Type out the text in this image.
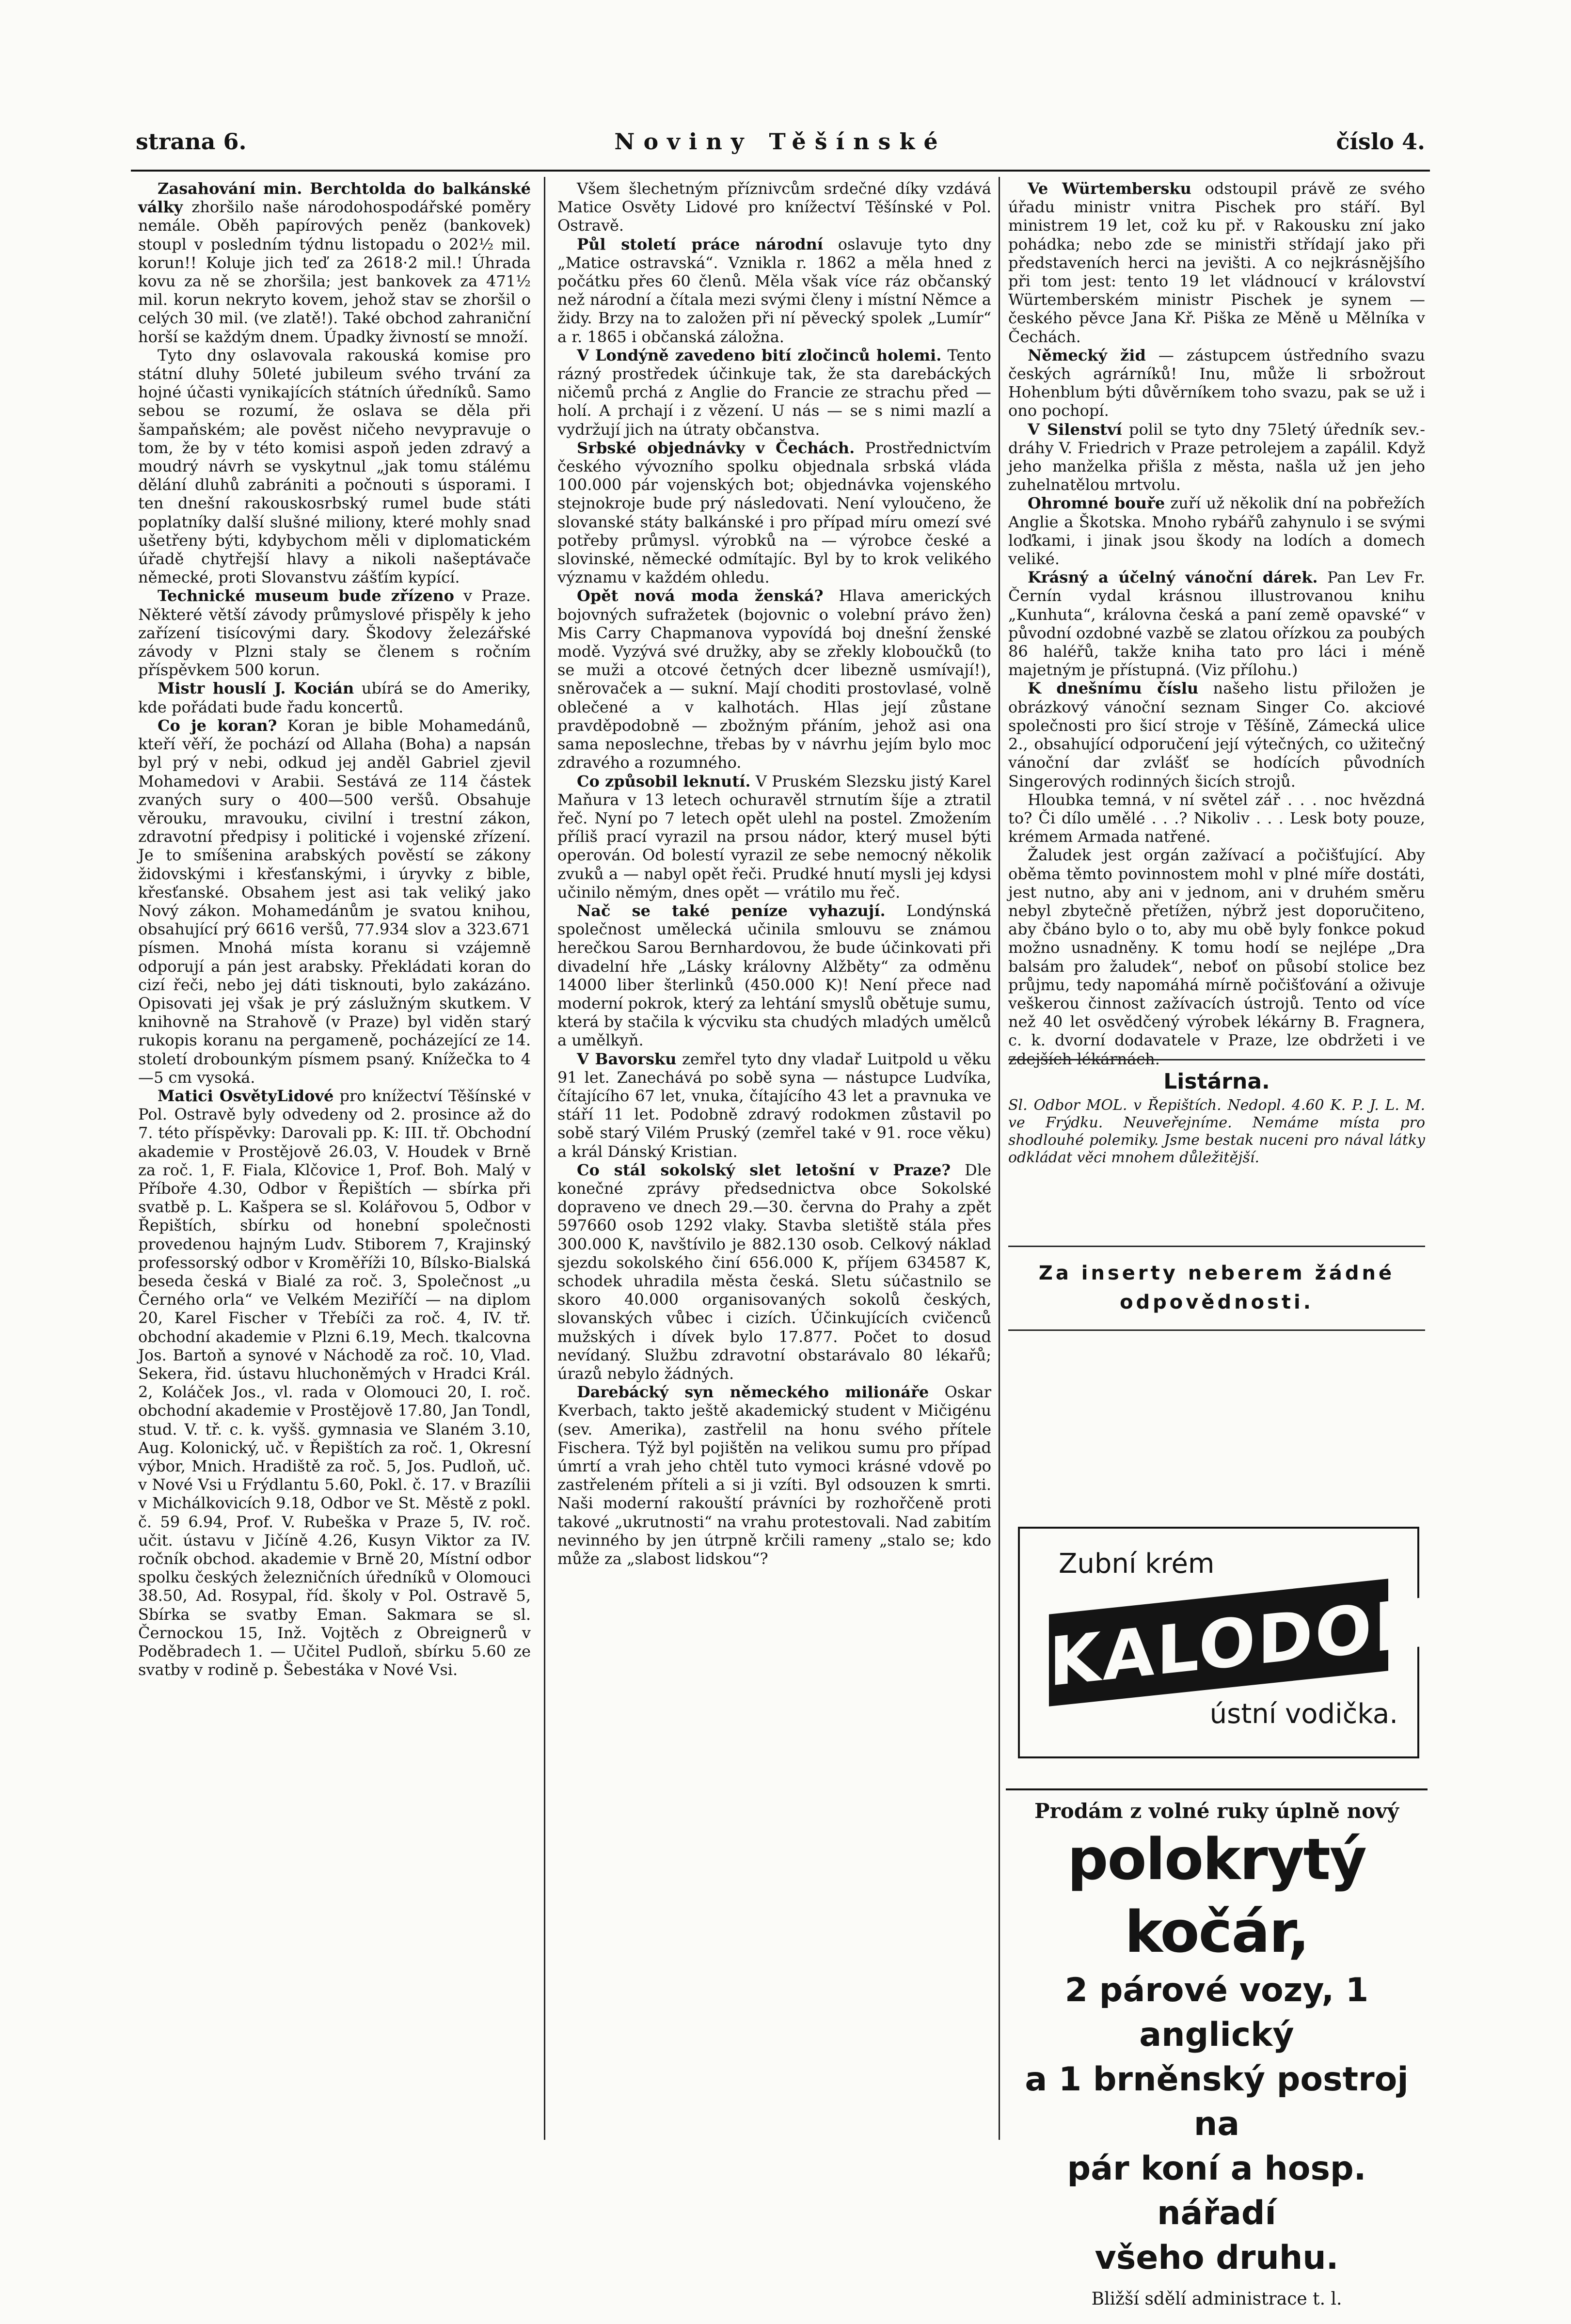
strana 6.	Noviny Těšínské	číslo 4.

Zasahování min. Berchtolda do balkánské války zhoršilo naše národohospodářské poměry nemále. Oběh papírových peněz (bankovek) stoupl v posledním týdnu listopadu o 202½ mil. korun!! Koluje jich teď za 2618·2 mil.! Úhrada kovu za ně se zhoršila; jest bankovek za 471½ mil. korun nekryto kovem, jehož stav se zhoršil o celých 30 mil. (ve zlatě!). Také obchod zahraniční horší se každým dnem. Úpadky živností se množí.

Tyto dny oslavovala rakouská komise pro státní dluhy 50leté jubileum svého trvání za hojné účasti vynikajících státních úředníků. Samo sebou se rozumí, že oslava se děla při šampaňském; ale pověst ničeho nevypravuje o tom, že by v této komisi aspoň jeden zdravý a moudrý návrh se vyskytnul „jak tomu stálému dělání dluhů zabrániti a počnouti s úsporami. I ten dnešní rakouskosrbský rumel bude státi poplatníky další slušné miliony, které mohly snad ušetřeny býti, kdybychom měli v diplomatickém úřadě chytřejší hlavy a nikoli našeptávače německé, proti Slovanstvu zášťím kypící.

Technické museum bude zřízeno v Praze. Některé větší závody průmyslové přispěly k jeho zařízení tisícovými dary. Škodovy železářské závody v Plzni staly se členem s ročním příspěvkem 500 korun.

Mistr houslí J. Kocián ubírá se do Ameriky, kde pořádati bude řadu koncertů.

Co je koran? Koran je bible Mohamedánů, kteří věří, že pochází od Allaha (Boha) a napsán byl prý v nebi, odkud jej anděl Gabriel zjevil Mohamedovi v Arabii. Sestává ze 114 částek zvaných sury o 400—500 veršů. Obsahuje věrouku, mravouku, civilní i trestní zákon, zdravotní předpisy i politické i vojenské zřízení. Je to smíšenina arabských pověstí se zákony židovskými i křesťanskými, i úryvky z bible, křesťanské. Obsahem jest asi tak veliký jako Nový zákon. Mohamedánům je svatou knihou, obsahující prý 6616 veršů, 77.934 slov a 323.671 písmen. Mnohá místa koranu si vzájemně odporují a pán jest arabsky. Překládati koran do cizí řeči, nebo jej dáti tisknouti, bylo zakázáno. Opisovati jej však je prý záslužným skutkem. V knihovně na Strahově (v Praze) byl viděn starý rukopis koranu na pergameně, pocházející ze 14. století drobounkým písmem psaný. Knížečka to 4—5 cm vysoká.

Matici OsvětyLidové pro knížectví Těšínské v Pol. Ostravě byly odvedeny od 2. prosince až do 7. této příspěvky: Darovali pp. K: III. tř. Obchodní akademie v Prostějově 26.03, V. Houdek v Brně za roč. 1, F. Fiala, Klčovice 1, Prof. Boh. Malý v Příboře 4.30, Odbor v Řepištích — sbírka při svatbě p. L. Kašpera se sl. Kolářovou 5, Odbor v Řepištích, sbírku od honební společnosti provedenou hajným Ludv. Stiborem 7, Krajinský professorský odbor v Kroměříži 10, Bílsko-Bialská beseda česká v Bialé za roč. 3, Společnost „u Černého orla“ ve Velkém Meziříčí — na diplom 20, Karel Fischer v Třebíči za roč. 4, IV. tř. obchodní akademie v Plzni 6.19, Mech. tkalcovna Jos. Bartoň a synové v Náchodě za roč. 10, Vlad. Sekera, řid. ústavu hluchoněmých v Hradci Král. 2, Koláček Jos., vl. rada v Olomouci 20, I. roč. obchodní akademie v Prostějově 17.80, Jan Tondl, stud. V. tř. c. k. vyšš. gymnasia ve Slaném 3.10, Aug. Kolonický, uč. v Řepištích za roč. 1, Okresní výbor, Mnich. Hradiště za roč. 5, Jos. Pudloň, uč. v Nové Vsi u Frýdlantu 5.60, Pokl. č. 17. v Brazílii v Michálkovicích 9.18, Odbor ve St. Městě z pokl. č. 59 6.94, Prof. V. Rubeška v Praze 5, IV. roč. učit. ústavu v Jičíně 4.26, Kusyn Viktor za IV. ročník obchod. akademie v Brně 20, Místní odbor spolku českých železničních úředníků v Olomouci 38.50, Ad. Rosypal, říd. školy v Pol. Ostravě 5, Sbírka se svatby Eman. Sakmara se sl. Černockou 15, Inž. Vojtěch z Obreignerů v Poděbradech 1. — Učitel Pudloň, sbírku 5.60 ze svatby v rodině p. Šebestáka v Nové Vsi.

Všem šlechetným příznivcům srdečné díky vzdává Matice Osvěty Lidové pro knížectví Těšínské v Pol. Ostravě.

Půl století práce národní oslavuje tyto dny „Matice ostravská“. Vznikla r. 1862 a měla hned z počátku přes 60 členů. Měla však více ráz občanský než národní a čítala mezi svými členy i místní Němce a židy. Brzy na to založen při ní pěvecký spolek „Lumír“ a r. 1865 i občanská záložna.

V Londýně zavedeno bití zločinců holemi. Tento rázný prostředek účinkuje tak, že sta darebáckých ničemů prchá z Anglie do Francie ze strachu před — holí. A prchají i z vězení. U nás — se s nimi mazlí a vydržují jich na útraty občanstva.

Srbské objednávky v Čechách. Prostřednictvím českého vývozního spolku objednala srbská vláda 100.000 pár vojenských bot; objednávka vojenského stejnokroje bude prý následovati. Není vyloučeno, že slovanské státy balkánské i pro případ míru omezí své potřeby průmysl. výrobků na — výrobce české a slovinské, německé odmítajíc. Byl by to krok velikého významu v každém ohledu.

Opět nová moda ženská? Hlava amerických bojovných sufražetek (bojovnic o volební právo žen) Mis Carry Chapmanova vypovídá boj dnešní ženské modě. Vyzývá své družky, aby se zřekly kloboučků (to se muži a otcové četných dcer libezně usmívají!), sněrovaček a — sukní. Mají choditi prostovlasé, volně oblečené a v kalhotách. Hlas její zůstane pravděpodobně — zbožným přáním, jehož asi ona sama neposlechne, třebas by v návrhu jejím bylo moc zdravého a rozumného.

Co způsobil leknutí. V Pruském Slezsku jistý Karel Maňura v 13 letech ochuravěl strnutím šíje a ztratil řeč. Nyní po 7 letech opět ulehl na postel. Zmožením příliš prací vyrazil na prsou nádor, který musel býti operován. Od bolestí vyrazil ze sebe nemocný několik zvuků a — nabyl opět řeči. Prudké hnutí mysli jej kdysi učinilo němým, dnes opět — vrátilo mu řeč.

Nač se také peníze vyhazují. Londýnská společnost umělecká učinila smlouvu se známou herečkou Sarou Bernhardovou, že bude účinkovati při divadelní hře „Lásky královny Alžběty“ za odměnu 14000 liber šterlinků (450.000 K)! Není přece nad moderní pokrok, který za lehtání smyslů obětuje sumu, která by stačila k výcviku sta chudých mladých umělců a umělkyň.

V Bavorsku zemřel tyto dny vladař Luitpold u věku 91 let. Zanechává po sobě syna — nástupce Ludvíka, čítajícího 67 let, vnuka, čítajícího 43 let a pravnuka ve stáří 11 let. Podobně zdravý rodokmen zůstavil po sobě starý Vilém Pruský (zemřel také v 91. roce věku) a král Dánský Kristian.

Co stál sokolský slet letošní v Praze? Dle konečné zprávy předsednictva obce Sokolské dopraveno ve dnech 29.—30. června do Prahy a zpět 597660 osob 1292 vlaky. Stavba sletiště stála přes 300.000 K, navštívilo je 882.130 osob. Celkový náklad sjezdu sokolského činí 656.000 K, příjem 634587 K, schodek uhradila města česká. Sletu súčastnilo se skoro 40.000 organisovaných sokolů českých, slovanských vůbec i cizích. Účinkujících cvičenců mužských i dívek bylo 17.877. Počet to dosud nevídaný. Službu zdravotní obstarávalo 80 lékařů; úrazů nebylo žádných.

Darebácký syn německého milionáře Oskar Kverbach, takto ještě akademický student v Mičigénu (sev. Amerika), zastřelil na honu svého přítele Fischera. Týž byl pojištěn na velikou sumu pro případ úmrtí a vrah jeho chtěl tuto vymoci krásné vdově po zastřeleném příteli a si ji vzíti. Byl odsouzen k smrti. Naši moderní rakouští právníci by rozhořčeně proti takové „ukrutnosti“ na vrahu protestovali. Nad zabitím nevinného by jen útrpně krčili rameny „stalo se; kdo může za „slabost lidskou“?

Ve Würtembersku odstoupil právě ze svého úřadu ministr vnitra Pischek pro stáří. Byl ministrem 19 let, což ku př. v Rakousku zní jako pohádka; nebo zde se ministři střídají jako při představeních herci na jevišti. A co nejkrásnějšího při tom jest: tento 19 let vládnoucí v království Würtemberském ministr Pischek je synem — českého pěvce Jana Kř. Piška ze Měně u Mělníka v Čechách.

Německý žid — zástupcem ústředního svazu českých agrárníků! Inu, může li srbožrout Hohenblum býti důvěrníkem toho svazu, pak se už i ono pochopí.

V Silenství polil se tyto dny 75letý úředník sev.-dráhy V. Friedrich v Praze petrolejem a zapálil. Když jeho manželka přišla z města, našla už jen jeho zuhelnatělou mrtvolu.

Ohromné bouře zuří už několik dní na pobřežích Anglie a Škotska. Mnoho rybářů zahynulo i se svými loďkami, i jinak jsou škody na lodích a domech veliké.

Krásný a účelný vánoční dárek. Pan Lev Fr. Černín vydal krásnou illustrovanou knihu „Kunhuta“, královna česká a paní země opavské“ v původní ozdobné vazbě se zlatou ořízkou za poubých 86 haléřů, takže kniha tato pro láci i méně majetným je přístupná. (Viz přílohu.)

K dnešnímu číslu našeho listu přiložen je obrázkový vánoční seznam Singer Co. akciové společnosti pro šicí stroje v Těšíně, Zámecká ulice 2., obsahující odporučení její výtečných, co užitečný vánoční dar zvlášť se hodících původních Singerových rodinných šicích strojů.

Hloubka temná, v ní světel zář . . . noc hvězdná to? Či dílo umělé . . .? Nikoliv . . . Lesk boty pouze, krémem Armada natřené.

Žaludek jest orgán zažívací a počišťující. Aby oběma těmto povinnostem mohl v plné míře dostáti, jest nutno, aby ani v jednom, ani v druhém směru nebyl zbytečně přetížen, nýbrž jest doporučiteno, aby čbáno bylo o to, aby mu obě byly fonkce pokud možno usnadněny. K tomu hodí se nejlépe „Dra balsám pro žaludek“, neboť on působí stolice bez průjmu, tedy napomáhá mírně počišťování a oživuje veškerou činnost zažívacích ústrojů. Tento od více než 40 let osvědčený výrobek lékárny B. Fragnera, c. k. dvorní dodavatele v Praze, lze obdržeti i ve zdejších lékárnách.

Listárna.

Sl. Odbor MOL. v Řepištích. Nedopl. 4.60 K. P. J. L. M. ve Frýdku. Neuveřejníme. Nemáme místa pro shodlouhé polemiky. Jsme bestak nuceni pro nával látky odkládat věci mnohem důležitější.

Za inserty neberem žádné
odpovědnosti.
Zubní krém
KALODONT
ústní vodička.
Prodám z volné ruky úplně nový
polokrytý kočár,
2 párové vozy, 1 anglický
a 1 brněnský postroj na
pár koní a hosp. nářadí
všeho druhu.
Bližší sdělí administrace t. l.
